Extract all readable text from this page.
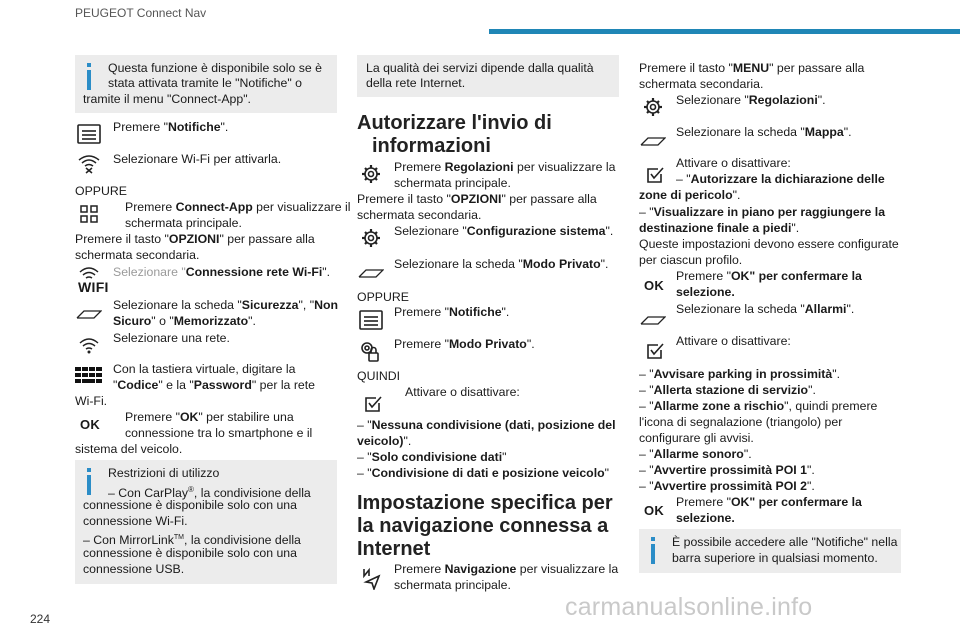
PEUGEOT Connect Nav
224	carmanualsonline.info
Questa funzione è disponibile solo se è
stata attivata tramite le "Notifiche" o
tramite il menu "Connect-App".
Premere "Notifiche".
Selezionare Wi-Fi per attivarla.
OPPURE
Premere Connect-App per visualizzare il
schermata principale.
Premere il tasto "OPZIONI" per passare alla
schermata secondaria.
WIFI
Selezionare "Connessione rete Wi-Fi".
Selezionare la scheda "Sicurezza", "Non
Sicuro" o "Memorizzato".
Selezionare una rete.
Con la tastiera virtuale, digitare la
"Codice" e la "Password" per la rete
Wi-Fi.
OK Premere "OK" per stabilire una
connessione tra lo smartphone e il
sistema del veicolo.
Restrizioni di utilizzo
– Con CarPlay®, la condivisione della
connessione è disponibile solo con una
connessione Wi-Fi.
– Con MirrorLink™, la condivisione della
connessione è disponibile solo con una
connessione USB.
La qualità dei servizi dipende dalla qualità
della rete Internet.
Autorizzare l'invio di
informazioni
Premere Regolazioni per visualizzare la
schermata principale.
Premere il tasto "OPZIONI" per passare alla
schermata secondaria.
Selezionare "Configurazione sistema".
Selezionare la scheda "Modo Privato".
OPPURE
Premere "Notifiche".
Premere "Modo Privato".
QUINDI
Attivare o disattivare:
– "Nessuna condivisione (dati, posizione del
veicolo)".
– "Solo condivisione dati"
– "Condivisione di dati e posizione veicolo"
Impostazione specifica per
la navigazione connessa a
Internet
Premere Navigazione per visualizzare la
schermata principale.
Premere il tasto "MENU" per passare alla
schermata secondaria.
Selezionare "Regolazioni".
Selezionare la scheda "Mappa".
Attivare o disattivare:
– "Autorizzare la dichiarazione delle
zone di pericolo".
– "Visualizzare in piano per raggiungere la
destinazione finale a piedi".
Queste impostazioni devono essere configurate
per ciascun profilo.
OK
Premere "OK" per confermare la
selezione.
Selezionare la scheda "Allarmi".
Attivare o disattivare:
– "Avvisare parking in prossimità".
– "Allerta stazione di servizio".
– "Allarme zone a rischio", quindi premere
l'icona di segnalazione (triangolo) per
configurare gli avvisi.
– "Allarme sonoro".
– "Avvertire prossimità POI 1".
– "Avvertire prossimità POI 2".
OK
Premere "OK" per confermare la
selezione.
È possibile accedere alle "Notifiche" nella
barra superiore in qualsiasi momento.
